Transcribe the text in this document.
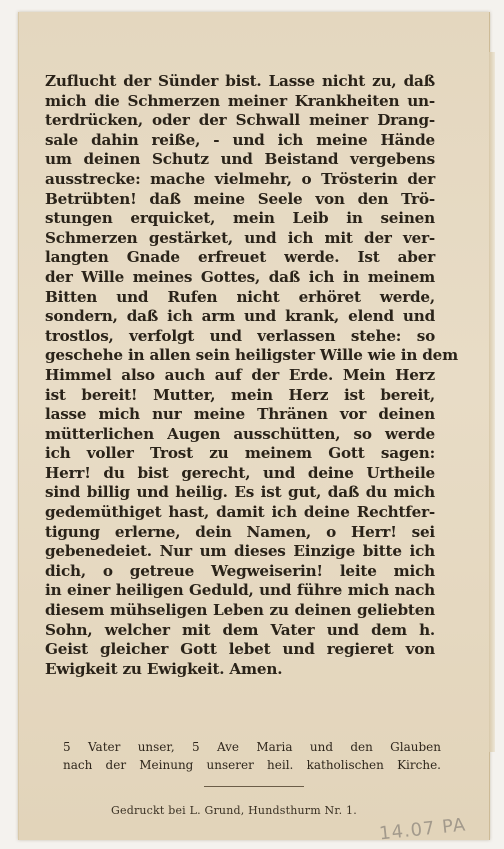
Zuflucht der Sünder bist. Lasse nicht zu, daß
mich die Schmerzen meiner Krankheiten un-
terdrücken, oder der Schwall meiner Drang-
sale dahin reiße, - und ich meine Hände
um deinen Schutz und Beistand vergebens
ausstrecke: mache vielmehr, o Trösterin der
Betrübten! daß meine Seele von den Trö-
stungen erquicket, mein Leib in seinen
Schmerzen gestärket, und ich mit der ver-
langten Gnade erfreuet werde. Ist aber
der Wille meines Gottes, daß ich in meinem
Bitten und Rufen nicht erhöret werde,
sondern, daß ich arm und krank, elend und
trostlos, verfolgt und verlassen stehe: so
geschehe in allen sein heiligster Wille wie in dem
Himmel also auch auf der Erde. Mein Herz
ist bereit! Mutter, mein Herz ist bereit,
lasse mich nur meine Thränen vor deinen
mütterlichen Augen ausschütten, so werde
ich voller Trost zu meinem Gott sagen:
Herr! du bist gerecht, und deine Urtheile
sind billig und heilig. Es ist gut, daß du mich
gedemüthiget hast, damit ich deine Rechtfer-
tigung erlerne, dein Namen, o Herr! sei
gebenedeiet. Nur um dieses Einzige bitte ich
dich, o getreue Wegweiserin! leite mich
in einer heiligen Geduld, und führe mich nach
diesem mühseligen Leben zu deinen geliebten
Sohn, welcher mit dem Vater und dem h.
Geist gleicher Gott lebet und regieret von
Ewigkeit zu Ewigkeit. Amen.
5 Vater unser, 5 Ave Maria und den Glauben
nach der Meinung unserer heil. katholischen Kirche.
Gedruckt bei L. Grund, Hundsthurm Nr. 1.
14.07 PA
